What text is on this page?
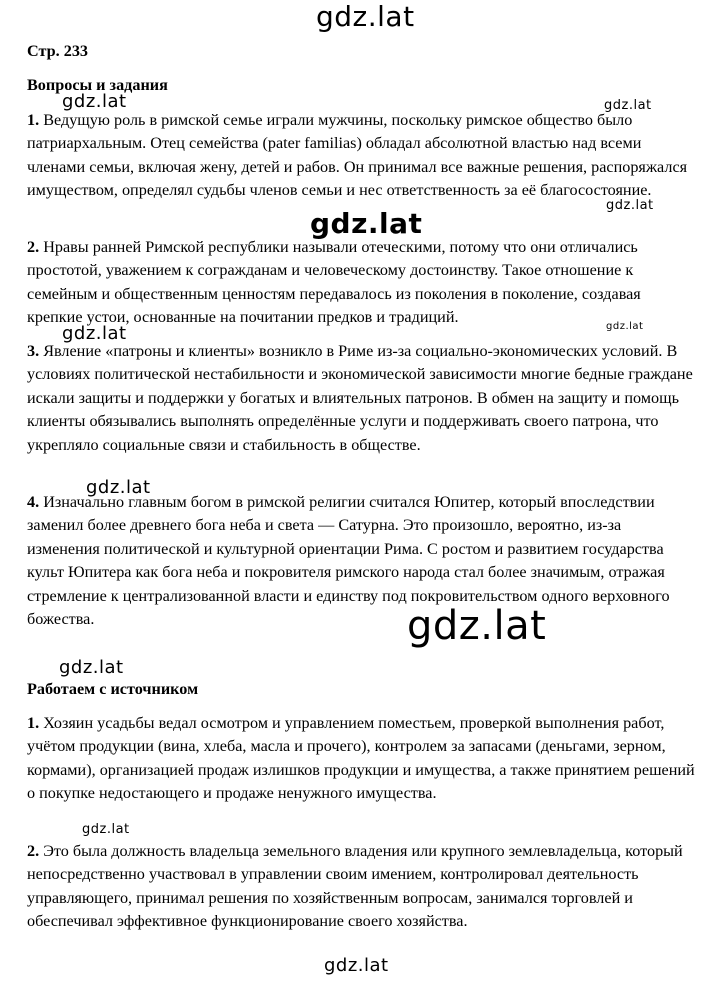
Стр. 233
Вопросы и задания

1. Ведущую роль в римской семье играли мужчины, поскольку римское общество было патриархальным. Отец семейства (pater familias) обладал абсолютной властью над всеми членами семьи, включая жену, детей и рабов. Он принимал все важные решения, распоряжался имуществом, определял судьбы членов семьи и нес ответственность за её благосостояние.

2. Нравы ранней Римской республики называли отеческими, потому что они отличались простотой, уважением к согражданам и человеческому достоинству. Такое отношение к семейным и общественным ценностям передавалось из поколения в поколение, создавая крепкие устои, основанные на почитании предков и традиций.

3. Явление «патроны и клиенты» возникло в Риме из-за социально-экономических условий. В условиях политической нестабильности и экономической зависимости многие бедные граждане искали защиты и поддержки у богатых и влиятельных патронов. В обмен на защиту и помощь клиенты обязывались выполнять определённые услуги и поддерживать своего патрона, что укрепляло социальные связи и стабильность в обществе.

4. Изначально главным богом в римской религии считался Юпитер, который впоследствии заменил более древнего бога неба и света — Сатурна. Это произошло, вероятно, из-за изменения политической и культурной ориентации Рима. С ростом и развитием государства культ Юпитера как бога неба и покровителя римского народа стал более значимым, отражая стремление к централизованной власти и единству под покровительством одного верховного божества.

Работаем с источником

1. Хозяин усадьбы ведал осмотром и управлением поместьем, проверкой выполнения работ, учётом продукции (вина, хлеба, масла и прочего), контролем за запасами (деньгами, зерном, кормами), организацией продаж излишков продукции и имущества, а также принятием решений о покупке недостающего и продаже ненужного имущества.

2. Это была должность владельца земельного владения или крупного землевладельца, который непосредственно участвовал в управлении своим имением, контролировал деятельность управляющего, принимал решения по хозяйственным вопросам, занимался торговлей и обеспечивал эффективное функционирование своего хозяйства.

gdz.lat
gdz.lat	gdz.lat
gdz.lat
gdz.lat
gdz.lat	gdz.lat
gdz.lat
gdz.lat
gdz.lat
gdz.lat
gdz.lat
